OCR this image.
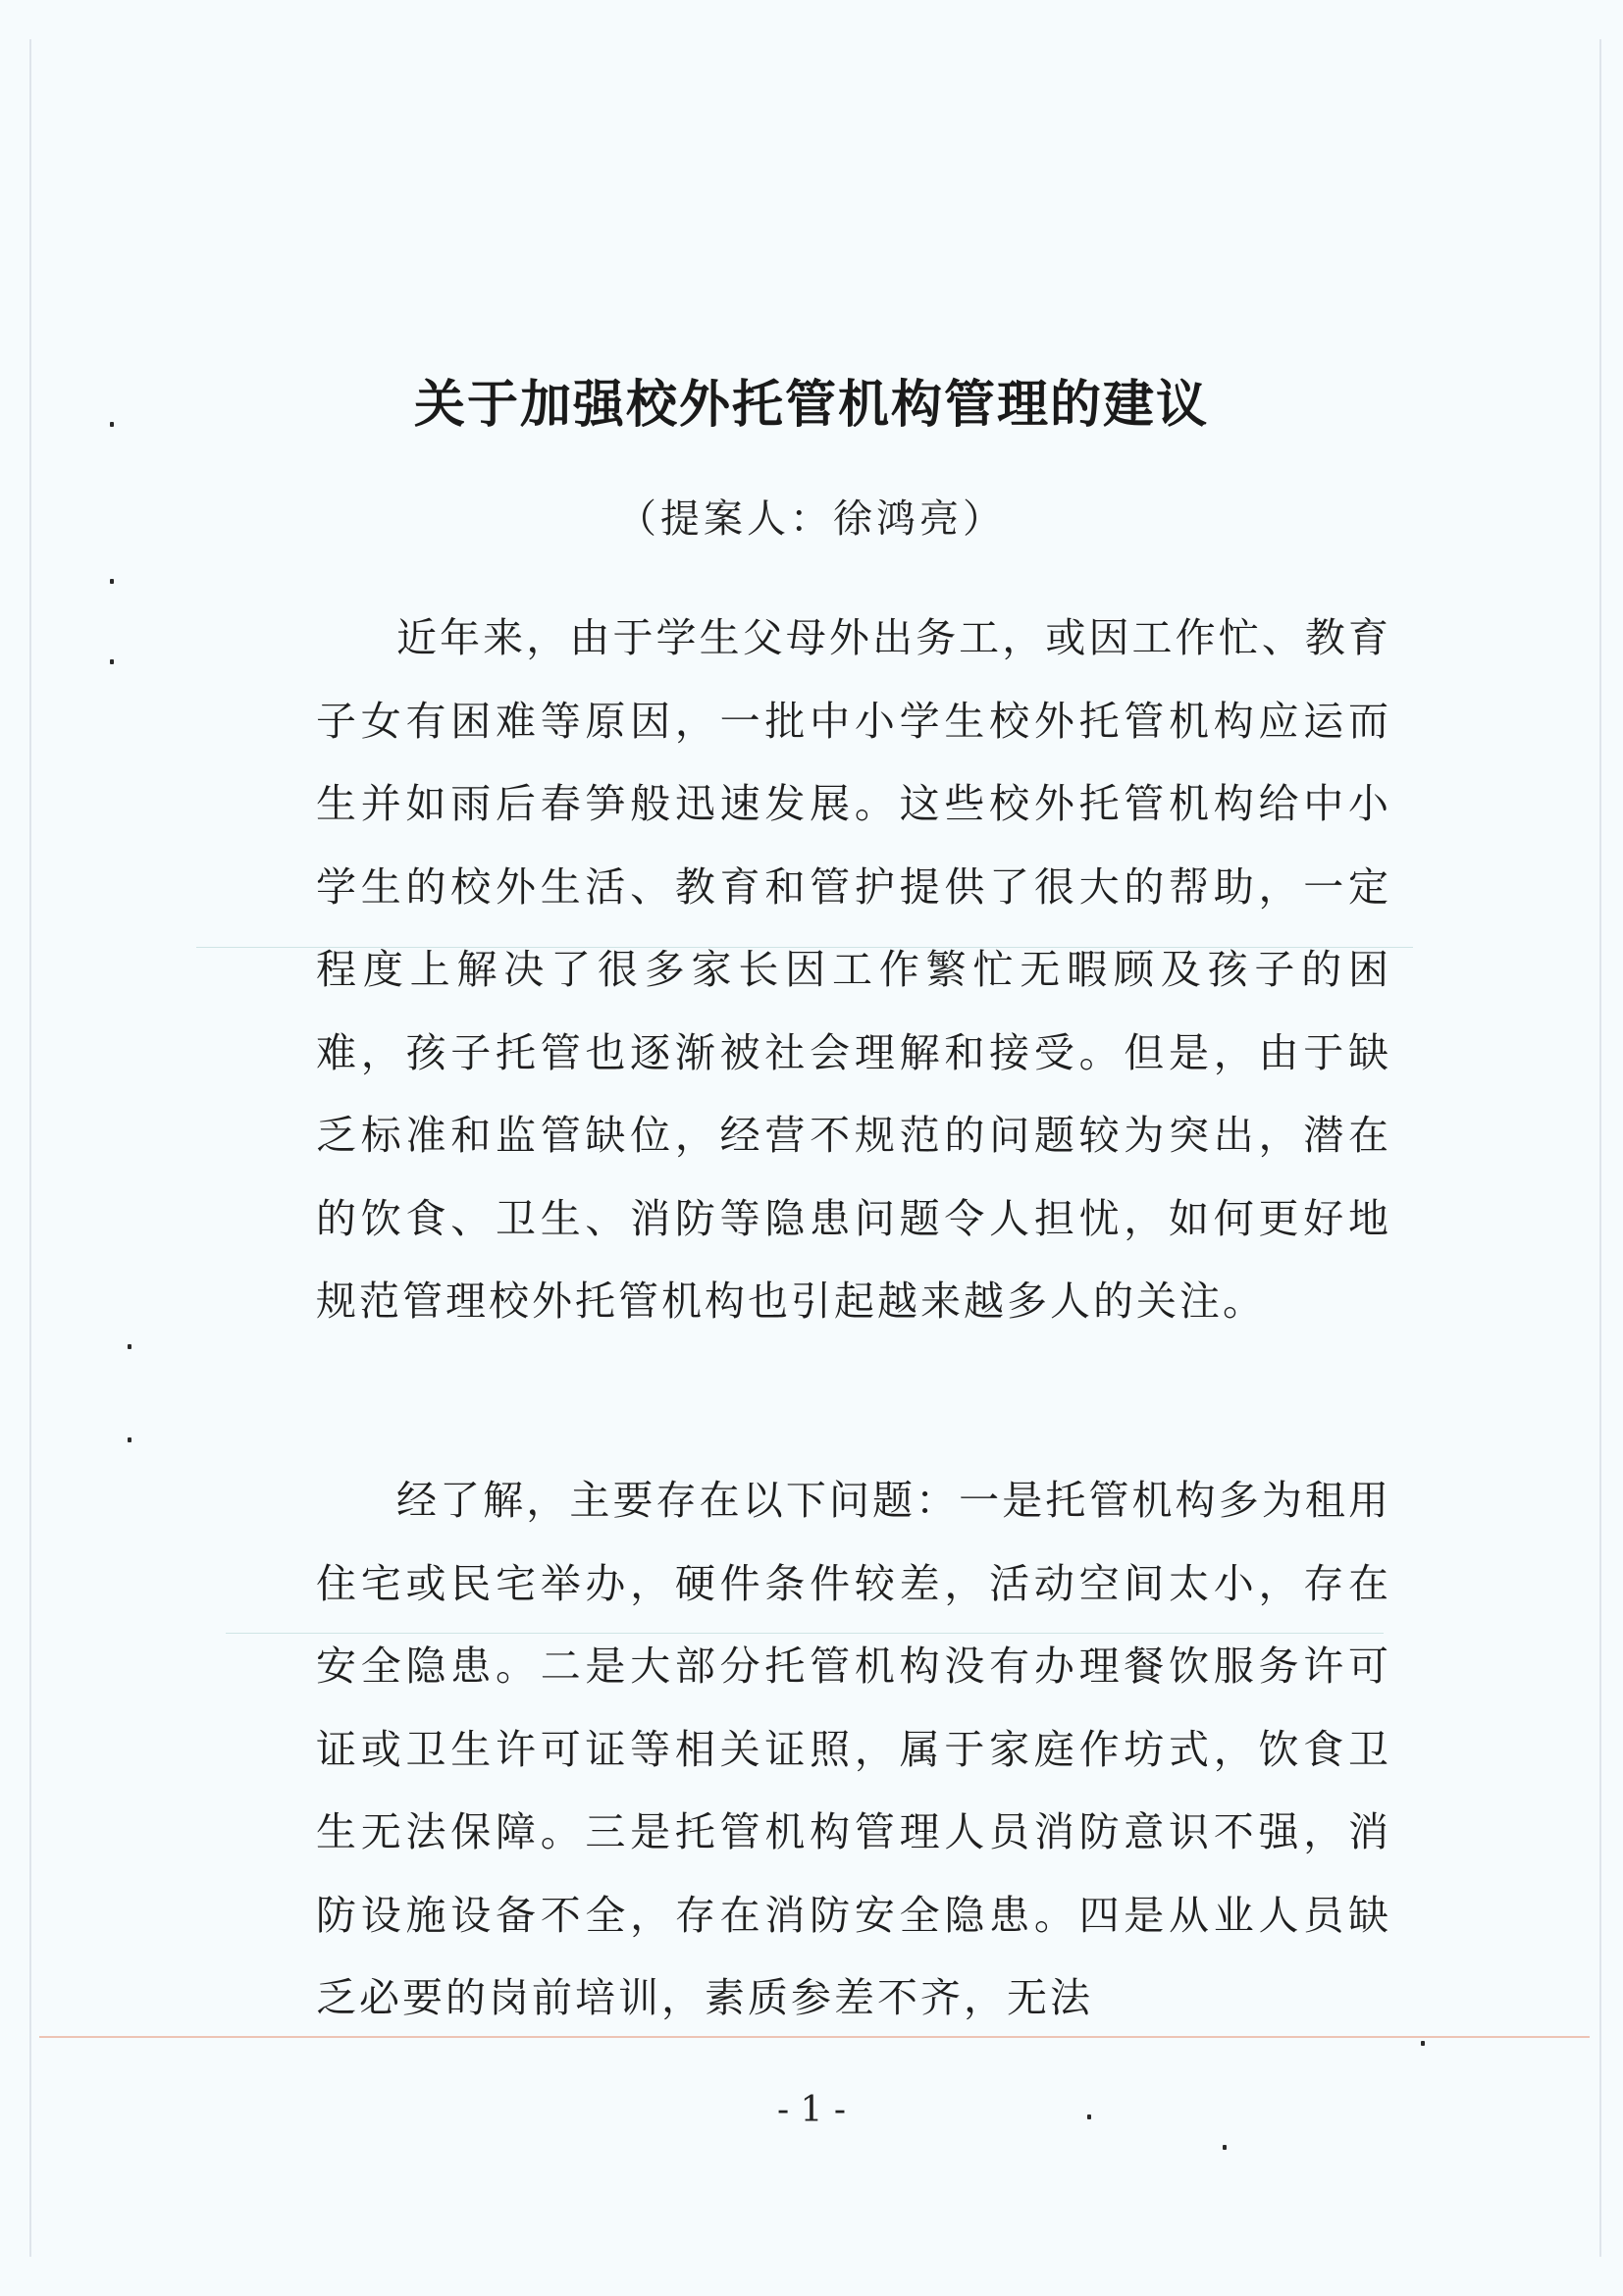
关于加强校外托管机构管理的建议

（提案人：徐鸿亮）

近年来，由于学生父母外出务工，或因工作忙、教育子女有困难等原因，一批中小学生校外托管机构应运而生并如雨后春笋般迅速发展。这些校外托管机构给中小学生的校外生活、教育和管护提供了很大的帮助，一定程度上解决了很多家长因工作繁忙无暇顾及孩子的困难，孩子托管也逐渐被社会理解和接受。但是，由于缺乏标准和监管缺位，经营不规范的问题较为突出，潜在的饮食、卫生、消防等隐患问题令人担忧，如何更好地规范管理校外托管机构也引起越来越多人的关注。

经了解，主要存在以下问题：一是托管机构多为租用住宅或民宅举办，硬件条件较差，活动空间太小，存在安全隐患。二是大部分托管机构没有办理餐饮服务许可证或卫生许可证等相关证照，属于家庭作坊式，饮食卫生无法保障。三是托管机构管理人员消防意识不强，消防设施设备不全，存在消防安全隐患。四是从业人员缺乏必要的岗前培训，素质参差不齐，无法

- 1 -
